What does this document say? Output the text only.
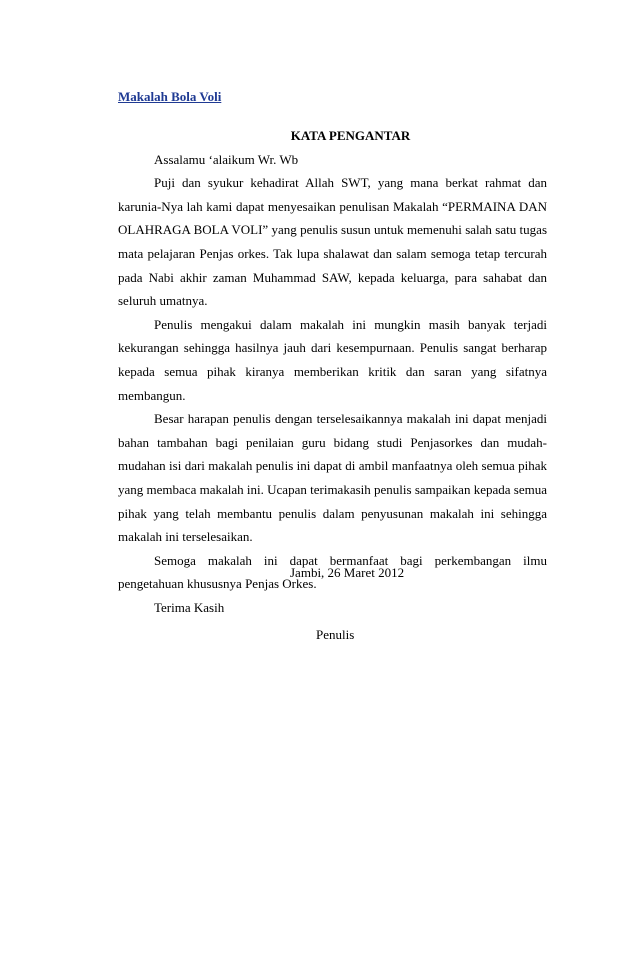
Makalah Bola Voli

KATA PENGANTAR

Assalamu ‘alaikum Wr. Wb

Puji dan syukur kehadirat Allah SWT, yang mana berkat rahmat dan karunia-Nya lah kami dapat menyesaikan penulisan Makalah “PERMAINA DAN OLAHRAGA BOLA VOLI” yang penulis susun untuk memenuhi salah satu tugas mata pelajaran Penjas orkes. Tak lupa shalawat dan salam semoga tetap tercurah pada Nabi akhir zaman Muhammad SAW, kepada keluarga, para sahabat dan seluruh umatnya.

Penulis mengakui dalam makalah ini mungkin masih banyak terjadi kekurangan sehingga hasilnya jauh dari kesempurnaan. Penulis sangat berharap kepada semua pihak kiranya memberikan kritik dan saran yang sifatnya membangun.

Besar harapan penulis dengan terselesaikannya makalah ini dapat menjadi bahan tambahan bagi penilaian guru bidang studi Penjasorkes dan mudah-mudahan isi dari makalah penulis ini dapat di ambil manfaatnya oleh semua pihak yang membaca makalah ini. Ucapan terimakasih penulis sampaikan kepada semua pihak yang telah membantu penulis dalam penyusunan makalah ini sehingga makalah ini terselesaikan.

Semoga makalah ini dapat bermanfaat bagi perkembangan ilmu pengetahuan khususnya Penjas Orkes.

Terima Kasih

Jambi, 26 Maret 2012
Penulis
